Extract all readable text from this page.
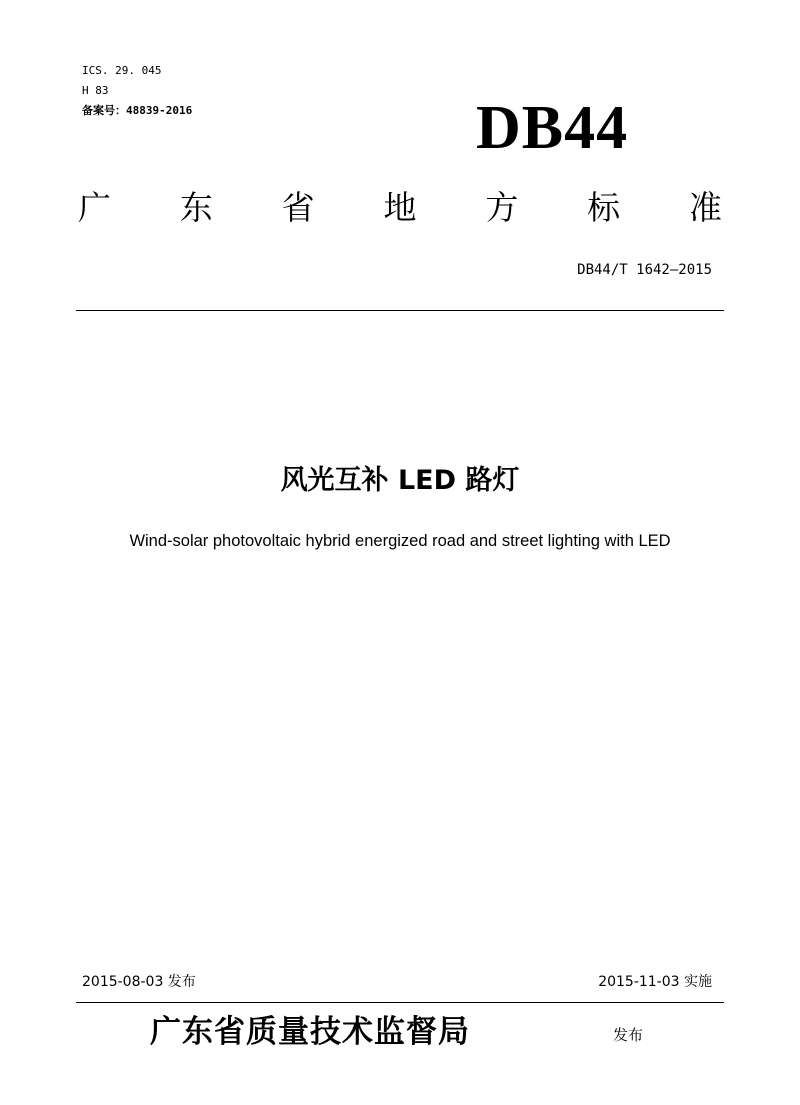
ICS. 29. 045
H 83
备案号：48839-2016	DB44
广 东 省 地 方 标 准
DB44/T 1642—2015
风光互补 LED 路灯
Wind-solar photovoltaic hybrid energized road and street lighting with LED
2015-08-03 发布	2015-11-03 实施
广东省质量技术监督局	发布
